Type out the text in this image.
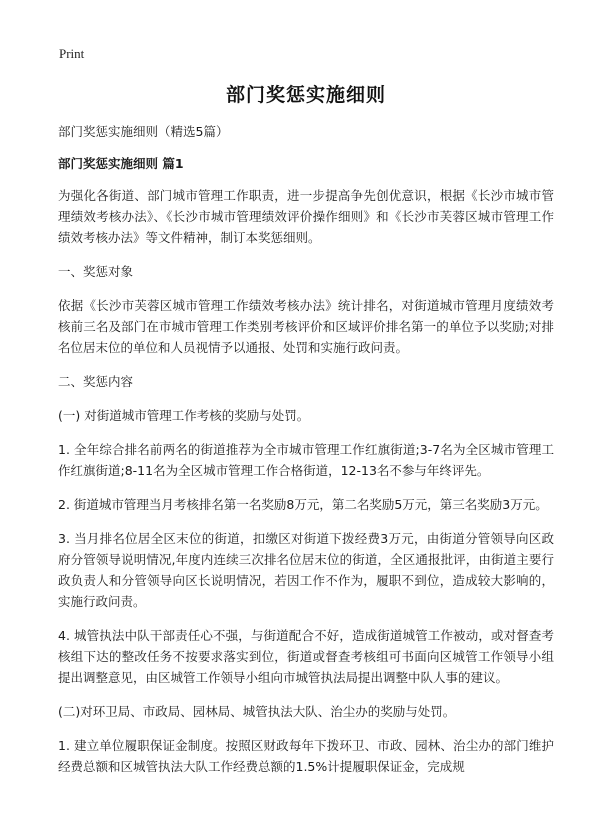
Print
部门奖惩实施细则
部门奖惩实施细则（精选5篇）
部门奖惩实施细则 篇1
为强化各街道、部门城市管理工作职责，进一步提高争先创优意识，根据《长沙市城市管理绩效考核办法》、《长沙市城市管理绩效评价操作细则》和《长沙市芙蓉区城市管理工作绩效考核办法》等文件精神，制订本奖惩细则。
一、奖惩对象
依据《长沙市芙蓉区城市管理工作绩效考核办法》统计排名，对街道城市管理月度绩效考核前三名及部门在市城市管理工作类别考核评价和区域评价排名第一的单位予以奖励;对排名位居末位的单位和人员视情予以通报、处罚和实施行政问责。
二、奖惩内容
(一) 对街道城市管理工作考核的奖励与处罚。
1. 全年综合排名前两名的街道推荐为全市城市管理工作红旗街道;3-7名为全区城市管理工作红旗街道;8-11名为全区城市管理工作合格街道，12-13名不参与年终评先。
2. 街道城市管理当月考核排名第一名奖励8万元，第二名奖励5万元，第三名奖励3万元。
3. 当月排名位居全区末位的街道，扣缴区对街道下拨经费3万元，由街道分管领导向区政府分管领导说明情况,年度内连续三次排名位居末位的街道，全区通报批评，由街道主要行政负责人和分管领导向区长说明情况，若因工作不作为，履职不到位，造成较大影响的，实施行政问责。
4. 城管执法中队干部责任心不强，与街道配合不好，造成街道城管工作被动，或对督查考核组下达的整改任务不按要求落实到位，街道或督查考核组可书面向区城管工作领导小组提出调整意见，由区城管工作领导小组向市城管执法局提出调整中队人事的建议。
(二)对环卫局、市政局、园林局、城管执法大队、治尘办的奖励与处罚。
1. 建立单位履职保证金制度。按照区财政每年下拨环卫、市政、园林、治尘办的部门维护经费总额和区城管执法大队工作经费总额的1.5%计提履职保证金，完成规
